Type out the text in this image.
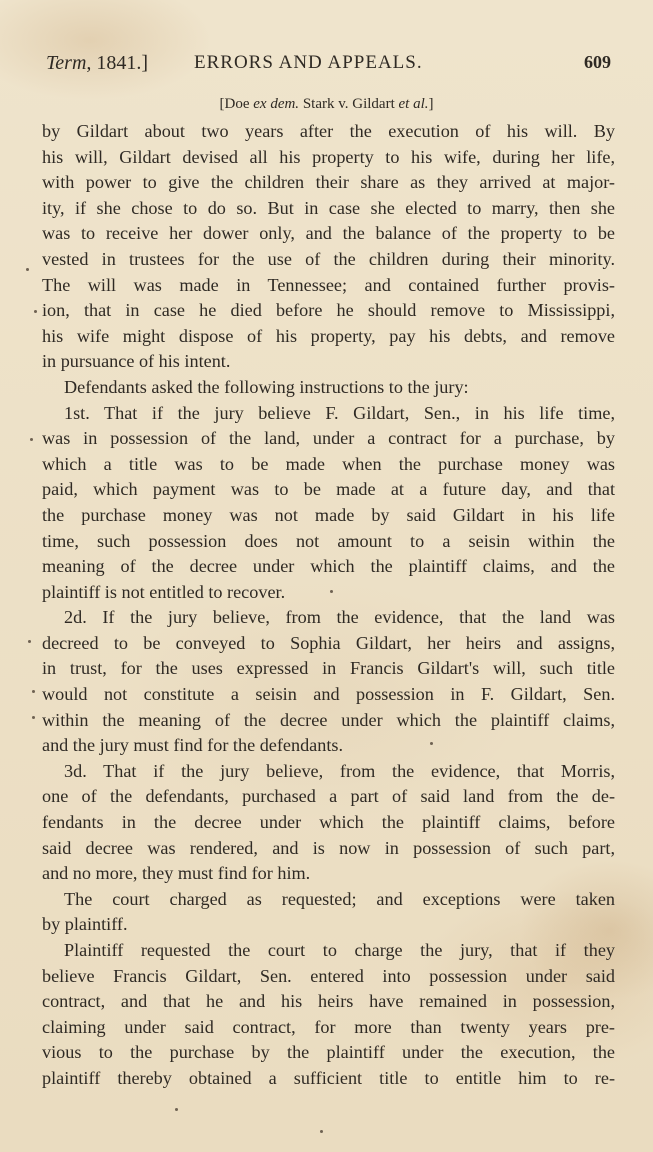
Term, 1841.] ERRORS AND APPEALS.	609
[Doe ex dem. Stark v. Gildart et al.]
by Gildart about two years after the execution of his will. By
his will, Gildart devised all his property to his wife, during her life,
with power to give the children their share as they arrived at major-
ity, if she chose to do so. But in case she elected to marry, then she
was to receive her dower only, and the balance of the property to be
vested in trustees for the use of the children during their minority.
The will was made in Tennessee; and contained further provis-
ion, that in case he died before he should remove to Mississippi,
his wife might dispose of his property, pay his debts, and remove
in pursuance of his intent.
Defendants asked the following instructions to the jury:
1st. That if the jury believe F. Gildart, Sen., in his life time,
was in possession of the land, under a contract for a purchase, by
which a title was to be made when the purchase money was
paid, which payment was to be made at a future day, and that
the purchase money was not made by said Gildart in his life
time, such possession does not amount to a seisin within the
meaning of the decree under which the plaintiff claims, and the
plaintiff is not entitled to recover.
2d. If the jury believe, from the evidence, that the land was
decreed to be conveyed to Sophia Gildart, her heirs and assigns,
in trust, for the uses expressed in Francis Gildart's will, such title
would not constitute a seisin and possession in F. Gildart, Sen.
within the meaning of the decree under which the plaintiff claims,
and the jury must find for the defendants.
3d. That if the jury believe, from the evidence, that Morris,
one of the defendants, purchased a part of said land from the de-
fendants in the decree under which the plaintiff claims, before
said decree was rendered, and is now in possession of such part,
and no more, they must find for him.
The court charged as requested; and exceptions were taken
by plaintiff.
Plaintiff requested the court to charge the jury, that if they
believe Francis Gildart, Sen. entered into possession under said
contract, and that he and his heirs have remained in possession,
claiming under said contract, for more than twenty years pre-
vious to the purchase by the plaintiff under the execution, the
plaintiff thereby obtained a sufficient title to entitle him to re-
